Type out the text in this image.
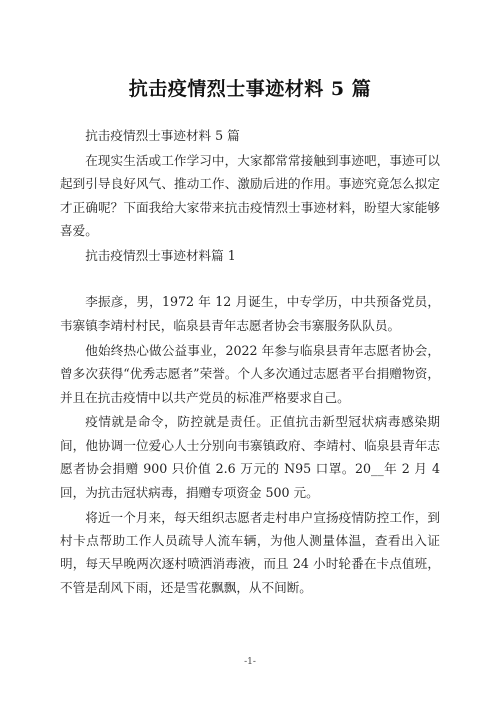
抗击疫情烈士事迹材料 5 篇

抗击疫情烈士事迹材料 5 篇

在现实生活或工作学习中，大家都常常接触到事迹吧，事迹可以起到引导良好风气、推动工作、激励后进的作用。事迹究竟怎么拟定才正确呢？下面我给大家带来抗击疫情烈士事迹材料，盼望大家能够喜爱。

抗击疫情烈士事迹材料篇 1

李振彦，男，1972 年 12 月诞生，中专学历，中共预备党员，韦寨镇李靖村村民，临泉县青年志愿者协会韦寨服务队队员。

他始终热心做公益事业，2022 年参与临泉县青年志愿者协会，曾多次获得“优秀志愿者”荣誉。个人多次通过志愿者平台捐赠物资，并且在抗击疫情中以共产党员的标准严格要求自己。

疫情就是命令，防控就是责任。正值抗击新型冠状病毒感染期间，他协调一位爱心人士分别向韦寨镇政府、李靖村、临泉县青年志愿者协会捐赠 900 只价值 2.6 万元的 N95 口罩。20__年 2 月 4 回，为抗击冠状病毒，捐赠专项资金 500 元。

将近一个月来，每天组织志愿者走村串户宣扬疫情防控工作，到村卡点帮助工作人员疏导人流车辆，为他人测量体温，查看出入证明，每天早晚两次逐村喷洒消毒液，而且 24 小时轮番在卡点值班，不管是刮风下雨，还是雪花飘飘，从不间断。

-1-
